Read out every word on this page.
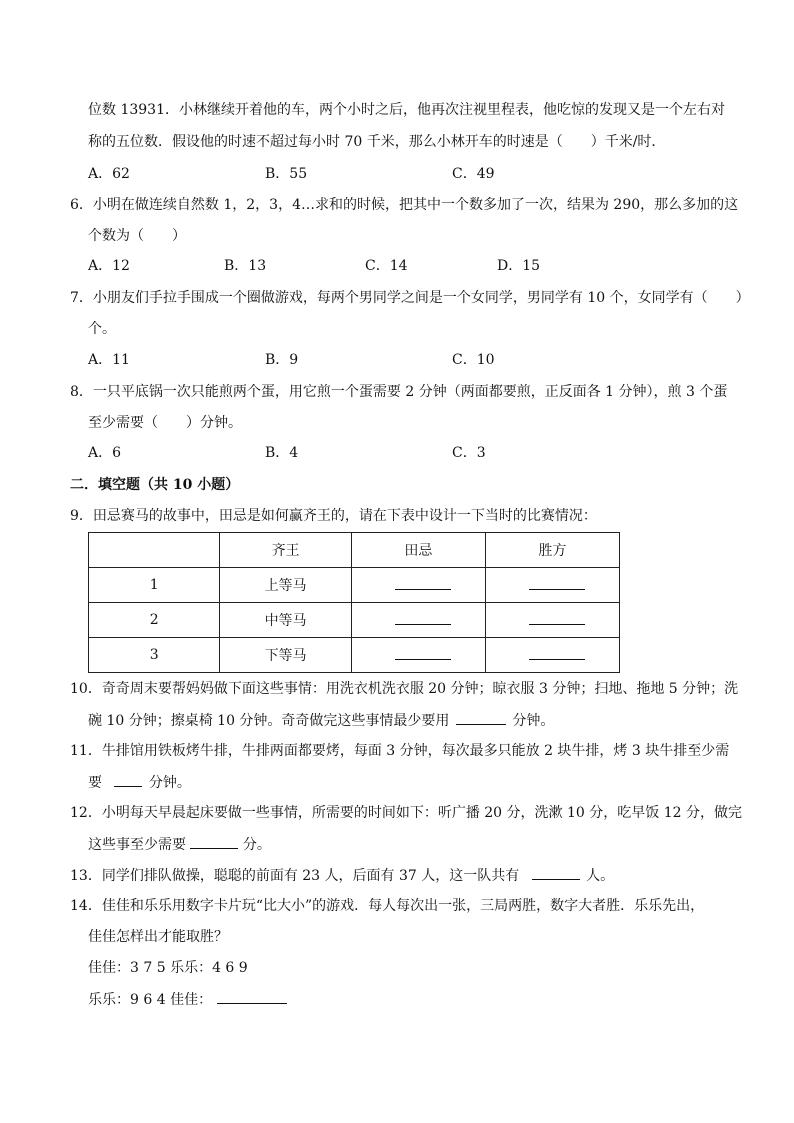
位数 13931．小林继续开着他的车，两个小时之后，他再次注视里程表，他吃惊的发现又是一个左右对
称的五位数．假设他的时速不超过每小时 70 千米，那么小林开车的时速是（　　）千米/时．
A．62	B．55	C．49
6．小明在做连续自然数 1，2，3，4…求和的时候，把其中一个数多加了一次，结果为 290，那么多加的这
个数为（　　）
A．12	B．13	C．14	D．15
7．小朋友们手拉手围成一个圈做游戏，每两个男同学之间是一个女同学，男同学有 10 个，女同学有（　　）
个。
A．11	B．9	C．10
8．一只平底锅一次只能煎两个蛋，用它煎一个蛋需要 2 分钟（两面都要煎，正反面各 1 分钟），煎 3 个蛋
至少需要（　　）分钟。
A．6	B．4	C．3
二．填空题（共 10 小题）
9．田忌赛马的故事中，田忌是如何赢齐王的，请在下表中设计一下当时的比赛情况：
	齐王	田忌	胜方
1	上等马		
2	中等马		
3	下等马		
10．奇奇周末要帮妈妈做下面这些事情：用洗衣机洗衣服 20 分钟；晾衣服 3 分钟；扫地、拖地 5 分钟；洗
碗 10 分钟；擦桌椅 10 分钟。奇奇做完这些事情最少要用	分钟。
11．牛排馆用铁板烤牛排，牛排两面都要烤，每面 3 分钟，每次最多只能放 2 块牛排，烤 3 块牛排至少需
要	分钟。
12．小明每天早晨起床要做一些事情，所需要的时间如下：听广播 20 分，洗漱 10 分，吃早饭 12 分，做完
这些事至少需要	分。
13．同学们排队做操，聪聪的前面有 23 人，后面有 37 人，这一队共有	人。
14．佳佳和乐乐用数字卡片玩“比大小”的游戏．每人每次出一张，三局两胜，数字大者胜．乐乐先出，
佳佳怎样出才能取胜？
佳佳：3 7 5 乐乐：4 6 9
乐乐：9 6 4 佳佳：
